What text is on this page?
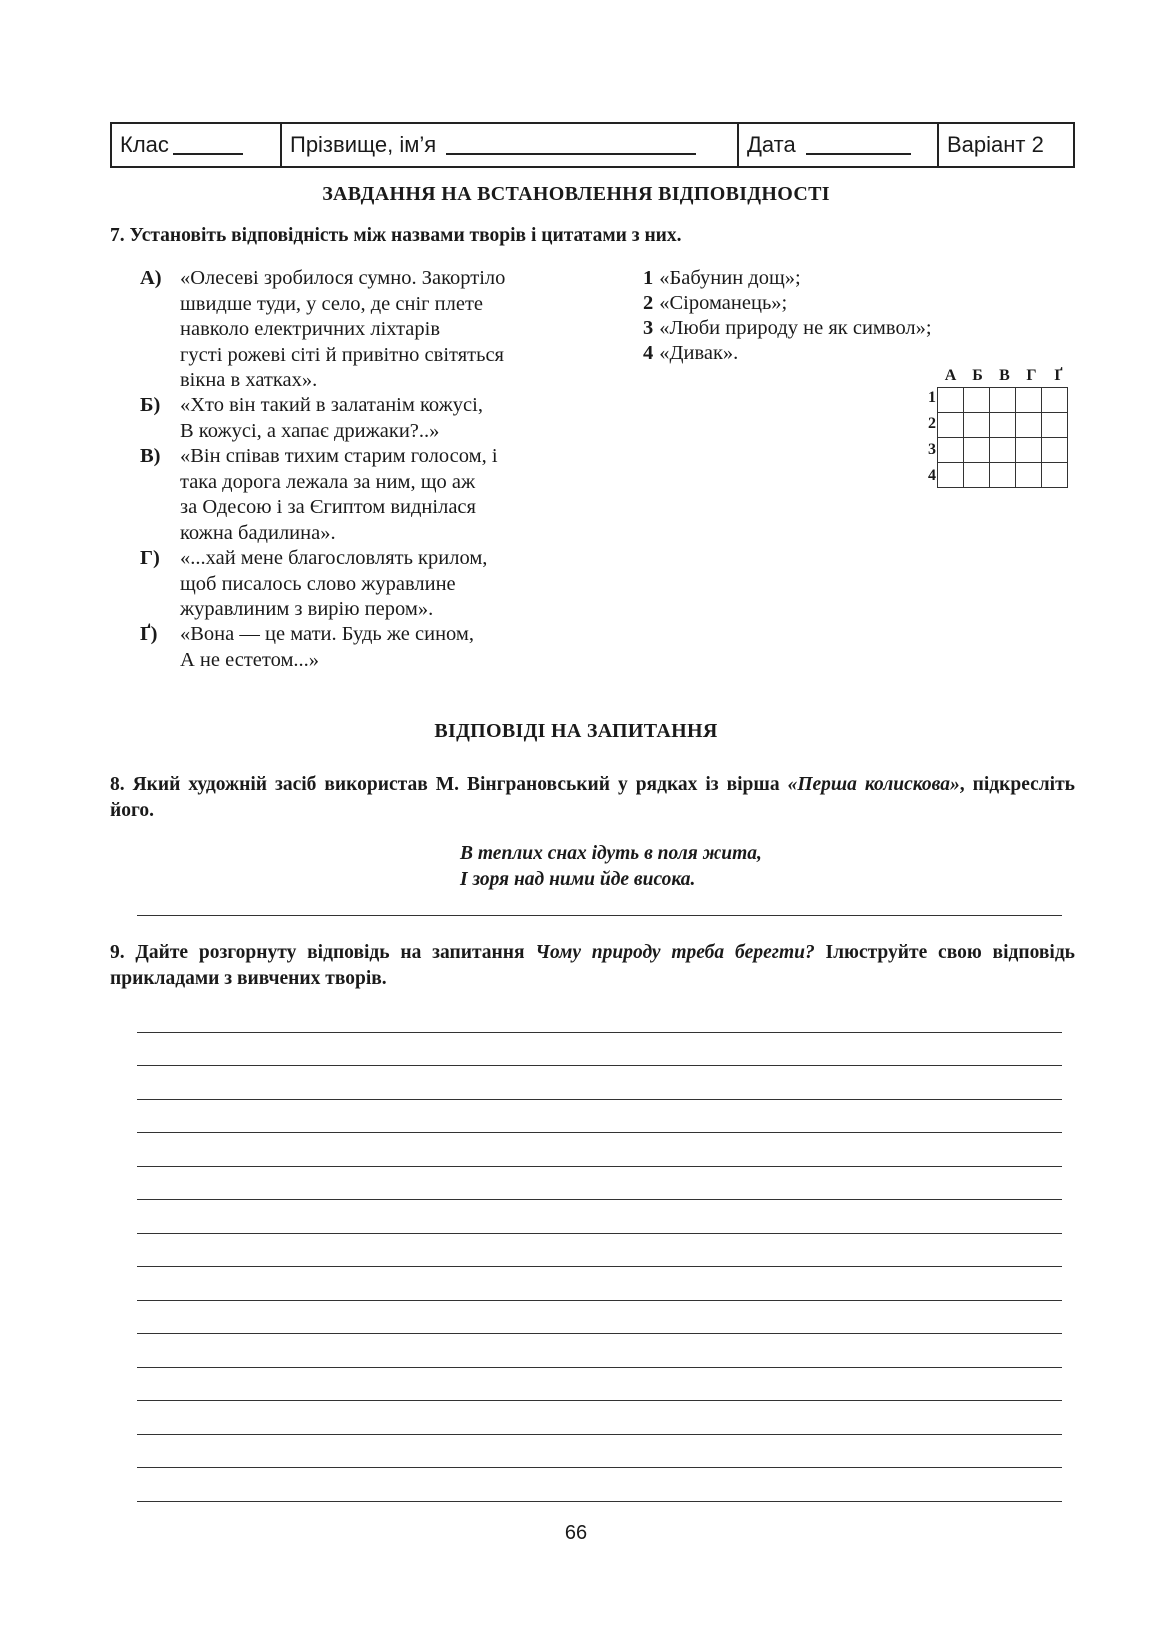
Клас	Прізвище, ім’я	Дата	Варіант 2
ЗАВДАННЯ НА ВСТАНОВЛЕННЯ ВІДПОВІДНОСТІ
7. Установіть відповідність між назвами творів і цитатами з них.
А) «Олесеві зробилося сумно. Закортіло
швидше туди, у село, де сніг плете
навколо електричних ліхтарів
густі рожеві сіті й привітно світяться
вікна в хатках».
Б) «Хто він такий в залатанім кожусі,
В кожусі, а хапає дрижаки?..»
В) «Він співав тихим старим голосом, і
така дорога лежала за ним, що аж
за Одесою і за Єгиптом виднілася
кожна бадилина».
Г) «...хай мене благословлять крилом,
щоб писалось слово журавлине
журавлиним з вирію пером».
Ґ)	«Вона — це мати. Будь же сином,
А не естетом...»
1 «Бабунин дощ»;
2 «Сіроманець»;
3 «Люби природу не як символ»;
4 «Дивак».
А Б	В	Г	Ґ
1
2
3
4

ВІДПОВІДІ НА ЗАПИТАННЯ
8. Який художній засіб використав М. Вінграновський у рядках із вірша «Перша колискова», підкресліть його.
В теплих снах ідуть в поля жита,
І зоря над ними йде висока.
9. Дайте розгорнуту відповідь на запитання Чому природу треба берегти? Ілюструйте свою відповідь прикладами з вивчених творів.
66
